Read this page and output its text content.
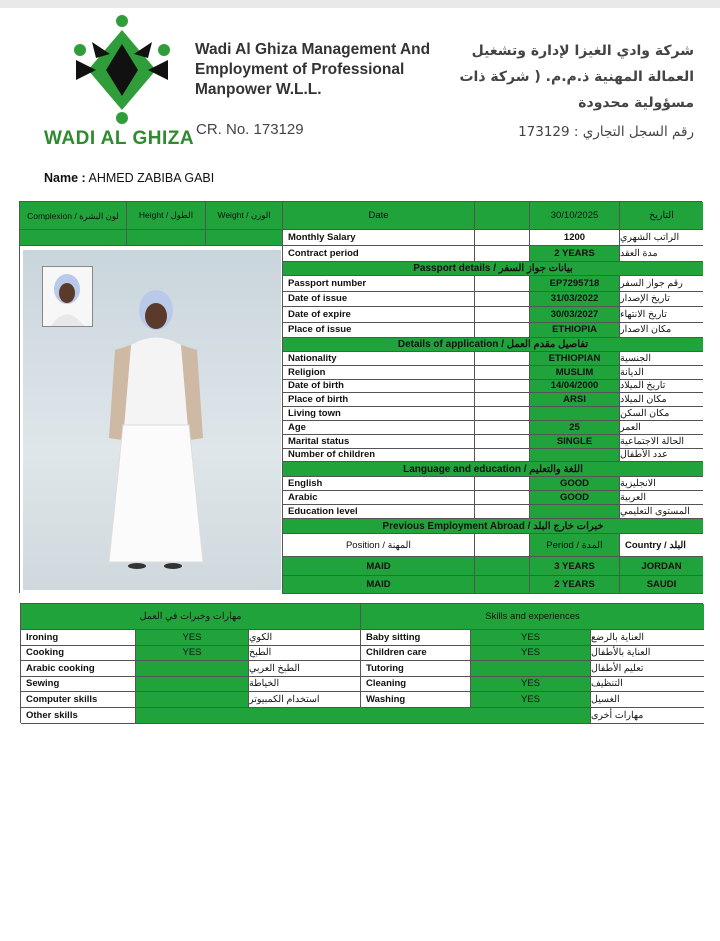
WADI AL GHIZA
Wadi Al Ghiza Management And Employment of Professional Manpower W.L.L.
CR. No. 173129
شركة وادي الغيزا لإدارة وتشغيل العمالة المهنية ذ.م.م. ( شركة ذات مسؤولية محدودة
رقم السجل التجاري : 173129
Name : AHMED ZABIBA GABI
Complexion / لون البشرة	Height / الطول	Weight / الوزن	Date	30/10/2025	التاريخ
Monthly Salary	1200	الراتب الشهري
Contract period	2 YEARS	مدة العقد
Passport details / بيانات جواز السفر
Passport number	EP7295718	رقم جواز السفر
Date of issue	31/03/2022	تاريخ الإصدار
Date of expire	30/03/2027	تاريخ الانتهاء
Place of issue	ETHIOPIA	مكان الاصدار
Details of application / تفاصيل مقدم العمل
Nationality	ETHIOPIAN	الجنسية
Religion	MUSLIM	الديانة
Date of birth	14/04/2000	تاريخ الميلاد
Place of birth	ARSI	مكان الميلاد
Living town	مكان السكن
Age	25	العمر
Marital status	SINGLE	الحالة الاجتماعية
Number of children	عدد الأطفال
Language and education / اللغة والتعليم
English	GOOD	الانجليزية
Arabic	GOOD	العربية
Education level	المستوى التعليمي
Previous Employment Abroad / خبرات خارج البلد
Position / المهنة	Period / المدة	Country / البلد
MAID	3 YEARS	JORDAN
MAID	2 YEARS	SAUDI
مهارات وخبرات في العمل	Skills and experiences
Ironing	YES	الكوي	Baby sitting	YES	العناية بالرضع
Cooking	YES	الطبخ	Children care	YES	العناية بالأطفال
Arabic cooking	الطبخ العربي	Tutoring	تعليم الأطفال
Sewing	الخياطة	Cleaning	YES	التنظيف
Computer skills	استخدام الكمبيوتر	Washing	YES	الغسيل
Other skills	مهارات أخرى
